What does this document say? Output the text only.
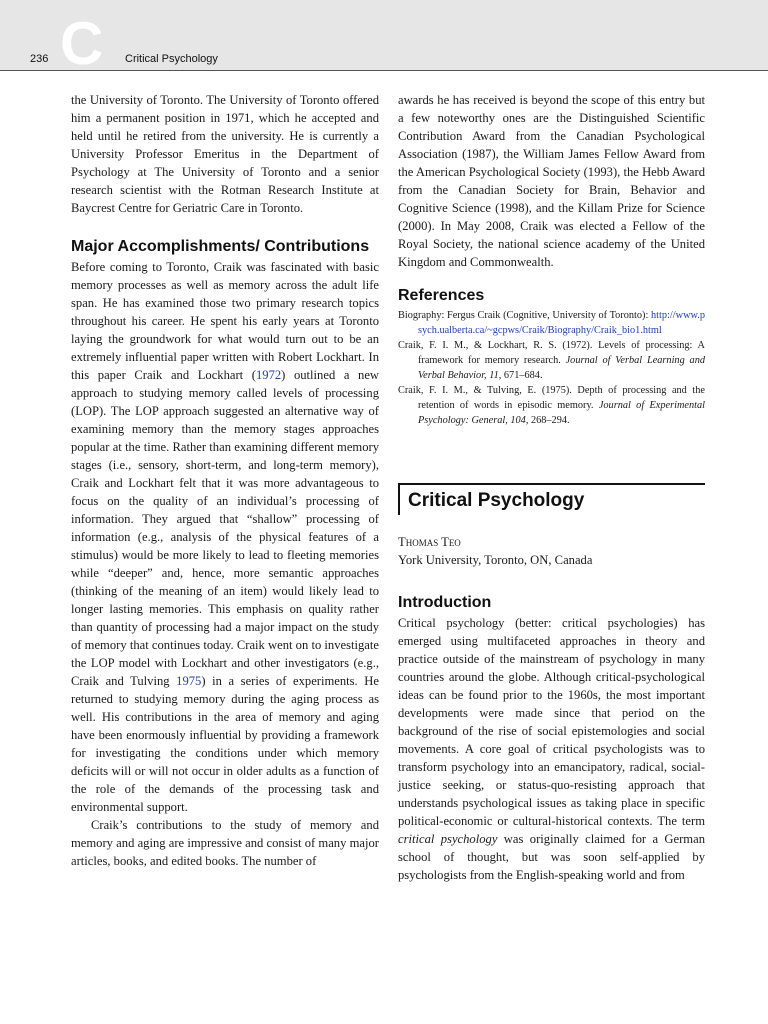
236 C Critical Psychology

the University of Toronto. The University of Toronto offered him a permanent position in 1971, which he accepted and held until he retired from the university. He is currently a University Professor Emeritus in the Department of Psychology at The University of Toronto and a senior research scientist with the Rotman Research Institute at Baycrest Centre for Geriatric Care in Toronto.

Major Accomplishments/ Contributions

Before coming to Toronto, Craik was fascinated with basic memory processes as well as memory across the adult life span. He has examined those two primary research topics throughout his career. He spent his early years at Toronto laying the groundwork for what would turn out to be an extremely influential paper written with Robert Lockhart. In this paper Craik and Lockhart (1972) outlined a new approach to studying memory called levels of processing (LOP). The LOP approach suggested an alternative way of examining memory than the memory stages approaches popular at the time. Rather than examining different memory stages (i.e., sensory, short-term, and long-term memory), Craik and Lockhart felt that it was more advantageous to focus on the quality of an individual’s processing of information. They argued that “shallow” processing of information (e.g., analysis of the physical features of a stimulus) would be more likely to lead to fleeting memories while “deeper” and, hence, more semantic approaches (thinking of the meaning of an item) would likely lead to longer lasting memories. This emphasis on quality rather than quantity of processing had a major impact on the study of memory that continues today. Craik went on to investigate the LOP model with Lockhart and other investigators (e.g., Craik and Tulving 1975) in a series of experiments. He returned to studying memory during the aging process as well. His contributions in the area of memory and aging have been enormously influential by providing a framework for investigating the conditions under which memory deficits will or will not occur in older adults as a function of the role of the demands of the processing task and environmental support.

Craik’s contributions to the study of memory and memory and aging are impressive and consist of many major articles, books, and edited books. The number of

awards he has received is beyond the scope of this entry but a few noteworthy ones are the Distinguished Scientific Contribution Award from the Canadian Psychological Association (1987), the William James Fellow Award from the American Psychological Society (1993), the Hebb Award from the Canadian Society for Brain, Behavior and Cognitive Science (1998), and the Killam Prize for Science (2000). In May 2008, Craik was elected a Fellow of the Royal Society, the national science academy of the United Kingdom and Commonwealth.

References

Biography: Fergus Craik (Cognitive, University of Toronto): http://www.psych.ualberta.ca/~gcpws/Craik/Biography/Craik_bio1.html

Craik, F. I. M., & Lockhart, R. S. (1972). Levels of processing: A framework for memory research. Journal of Verbal Learning and Verbal Behavior, 11, 671–684.

Craik, F. I. M., & Tulving, E. (1975). Depth of processing and the retention of words in episodic memory. Journal of Experimental Psychology: General, 104, 268–294.

Critical Psychology

Thomas Teo

York University, Toronto, ON, Canada

Introduction

Critical psychology (better: critical psychologies) has emerged using multifaceted approaches in theory and practice outside of the mainstream of psychology in many countries around the globe. Although critical-psychological ideas can be found prior to the 1960s, the most important developments were made since that period on the background of the rise of social epistemologies and social movements. A core goal of critical psychologists was to transform psychology into an emancipatory, radical, social-justice seeking, or status-quo-resisting approach that understands psychological issues as taking place in specific political-economic or cultural-historical contexts. The term critical psychology was originally claimed for a German school of thought, but was soon self-applied by psychologists from the English-speaking world and from
